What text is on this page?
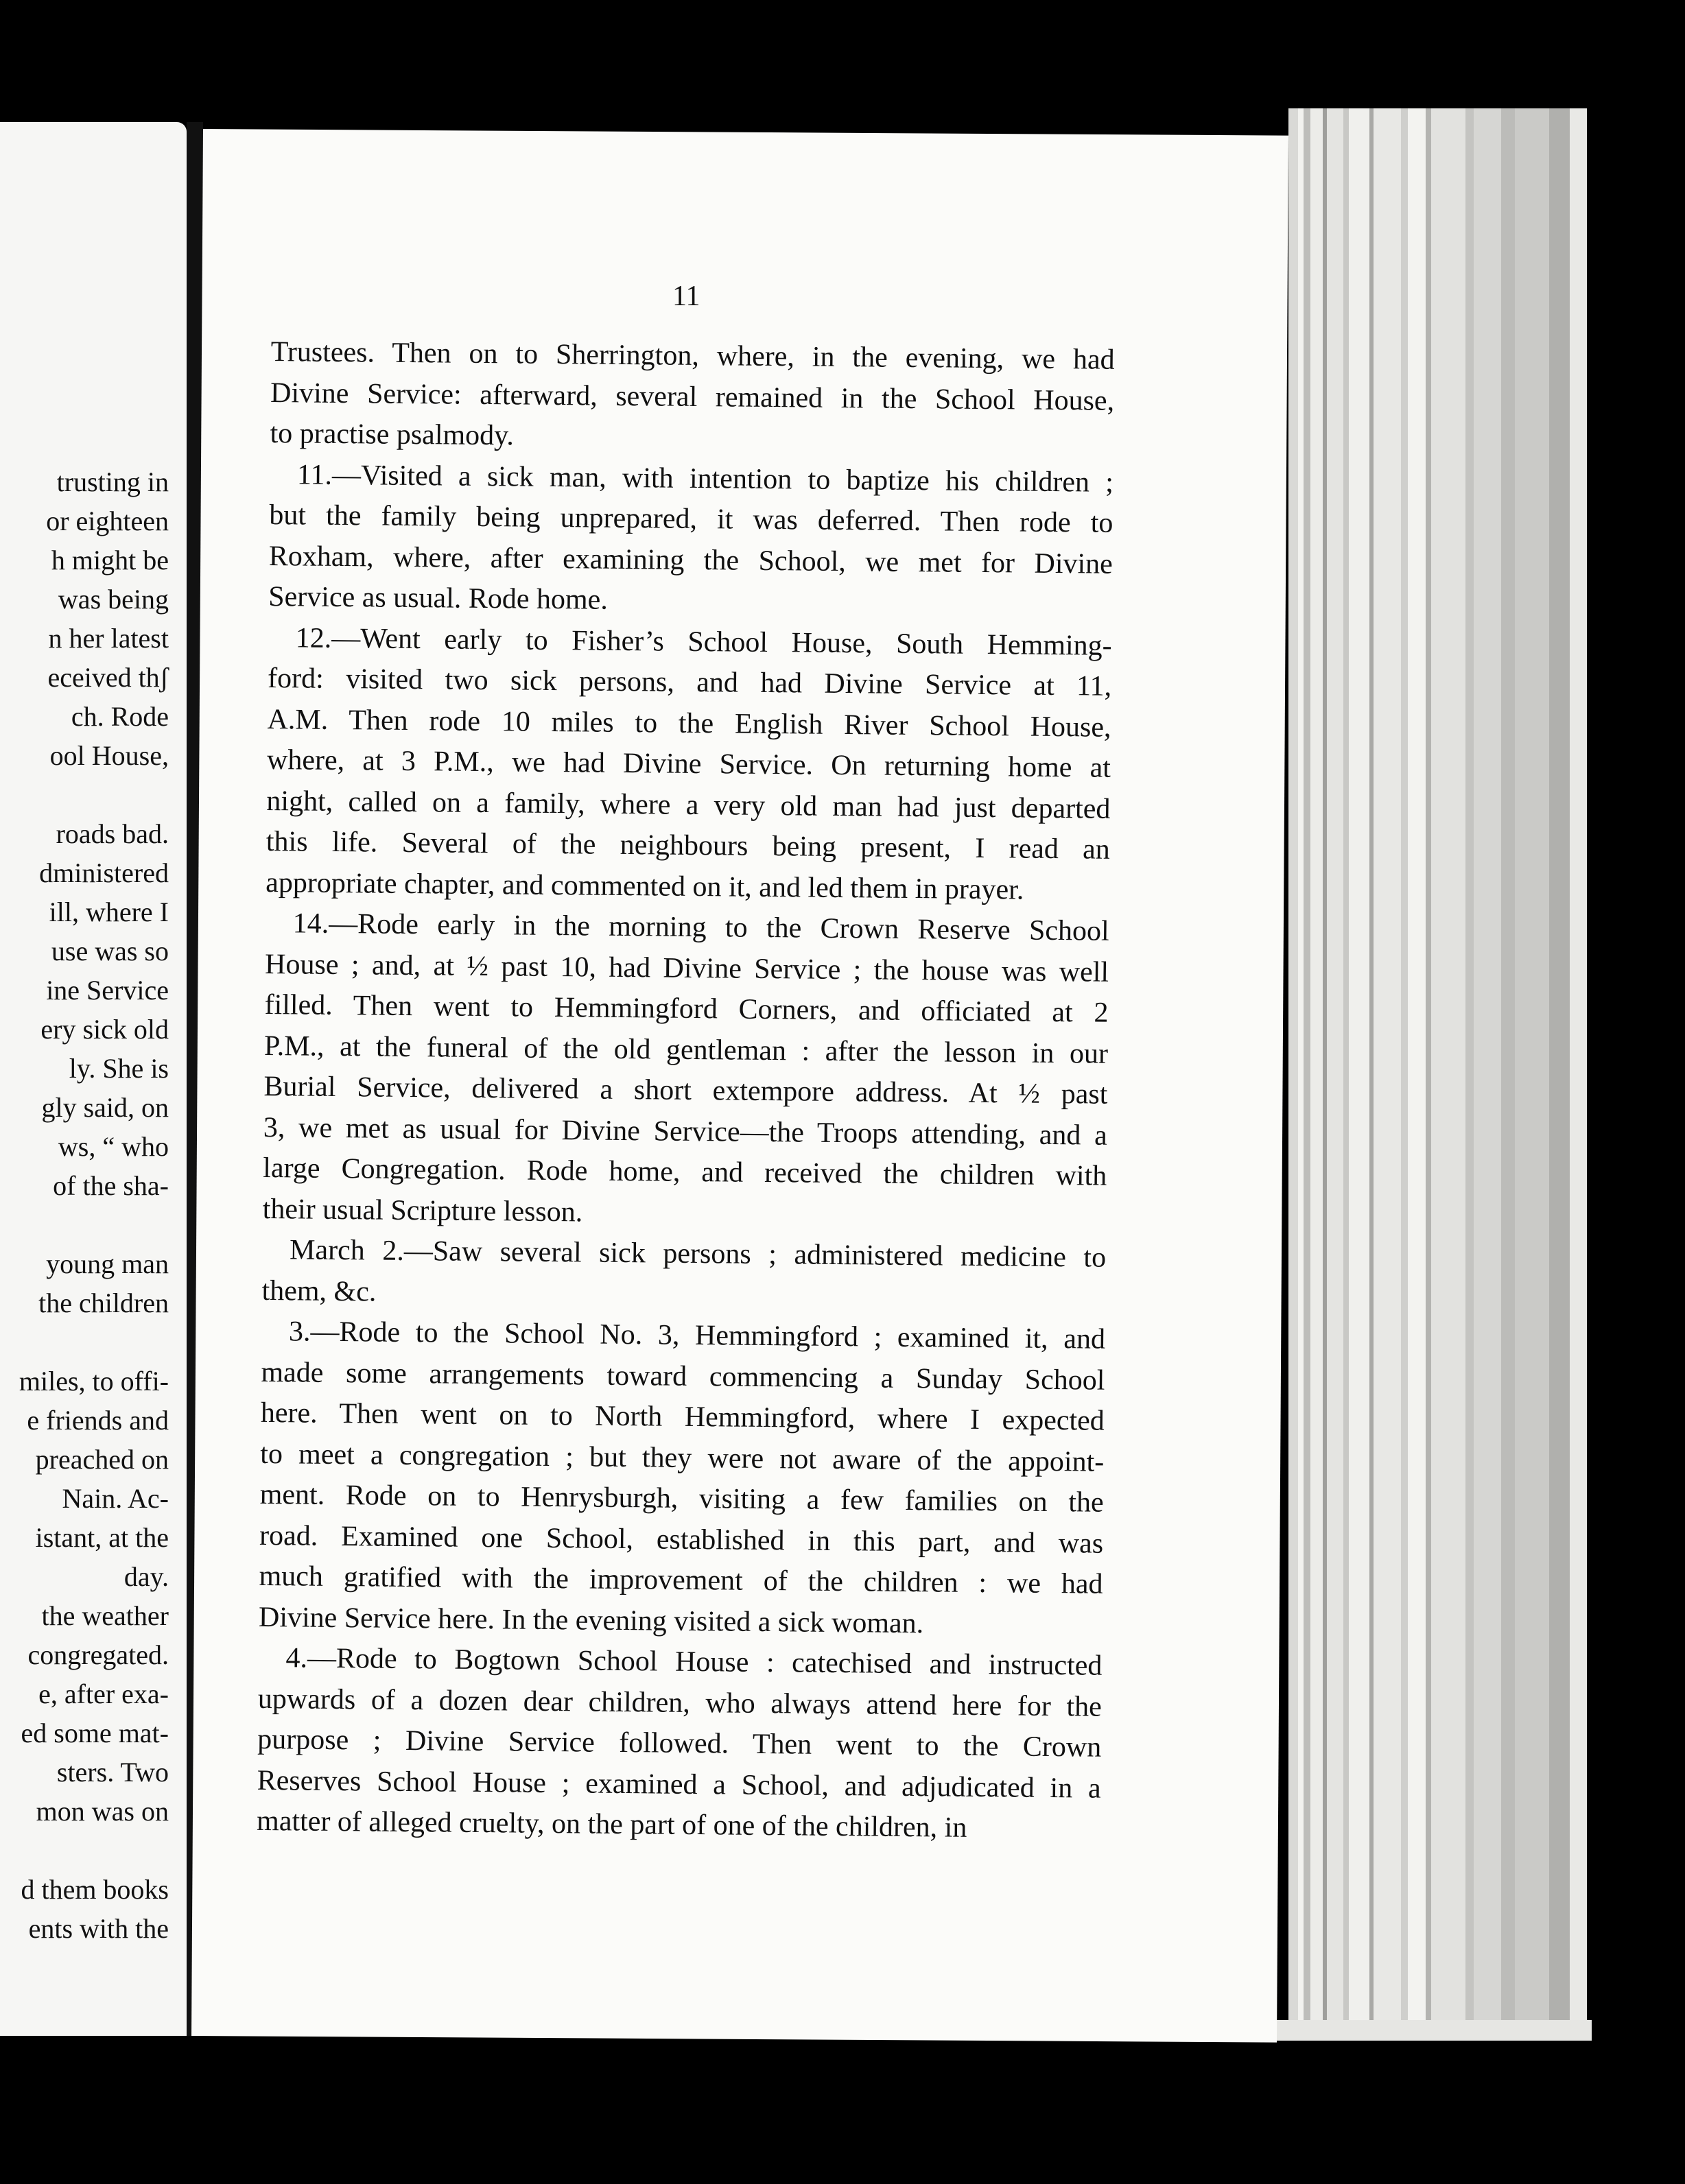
trusting in
or eighteen
h might be
was being
n her latest
eceived thʃ
ch. Rode
ool House,
roads bad.
dministered
ill, where I
use was so
ine Service
ery sick old
ly. She is
gly said, on
ws, “ who
of the sha-
young man
the children
miles, to offi-
e friends and
preached on
Nain. Ac-
istant, at the
day.
the weather
congregated.
e, after exa-
ed some mat-
sters. Two
mon was on
d them books
ents with the
11
Trustees. Then on to Sherrington, where, in the evening, we had
Divine Service: afterward, several remained in the School House,
to practise psalmody.
11.—Visited a sick man, with intention to baptize his children ;
but the family being unprepared, it was deferred. Then rode to
Roxham, where, after examining the School, we met for Divine
Service as usual. Rode home.
12.—Went early to Fisher’s School House, South Hemming-
ford: visited two sick persons, and had Divine Service at 11,
A.M. Then rode 10 miles to the English River School House,
where, at 3 P.M., we had Divine Service. On returning home at
night, called on a family, where a very old man had just departed
this life. Several of the neighbours being present, I read an
appropriate chapter, and commented on it, and led them in prayer.
14.—Rode early in the morning to the Crown Reserve School
House ; and, at ½ past 10, had Divine Service ; the house was well
filled. Then went to Hemmingford Corners, and officiated at 2
P.M., at the funeral of the old gentleman : after the lesson in our
Burial Service, delivered a short extempore address. At ½ past
3, we met as usual for Divine Service—the Troops attending, and a
large Congregation. Rode home, and received the children with
their usual Scripture lesson.
March 2.—Saw several sick persons ; administered medicine to
them, &c.
3.—Rode to the School No. 3, Hemmingford ; examined it, and
made some arrangements toward commencing a Sunday School
here. Then went on to North Hemmingford, where I expected
to meet a congregation ; but they were not aware of the appoint-
ment. Rode on to Henrysburgh, visiting a few families on the
road. Examined one School, established in this part, and was
much gratified with the improvement of the children : we had
Divine Service here. In the evening visited a sick woman.
4.—Rode to Bogtown School House : catechised and instructed
upwards of a dozen dear children, who always attend here for the
purpose ; Divine Service followed. Then went to the Crown
Reserves School House ; examined a School, and adjudicated in a
matter of alleged cruelty, on the part of one of the children, in
